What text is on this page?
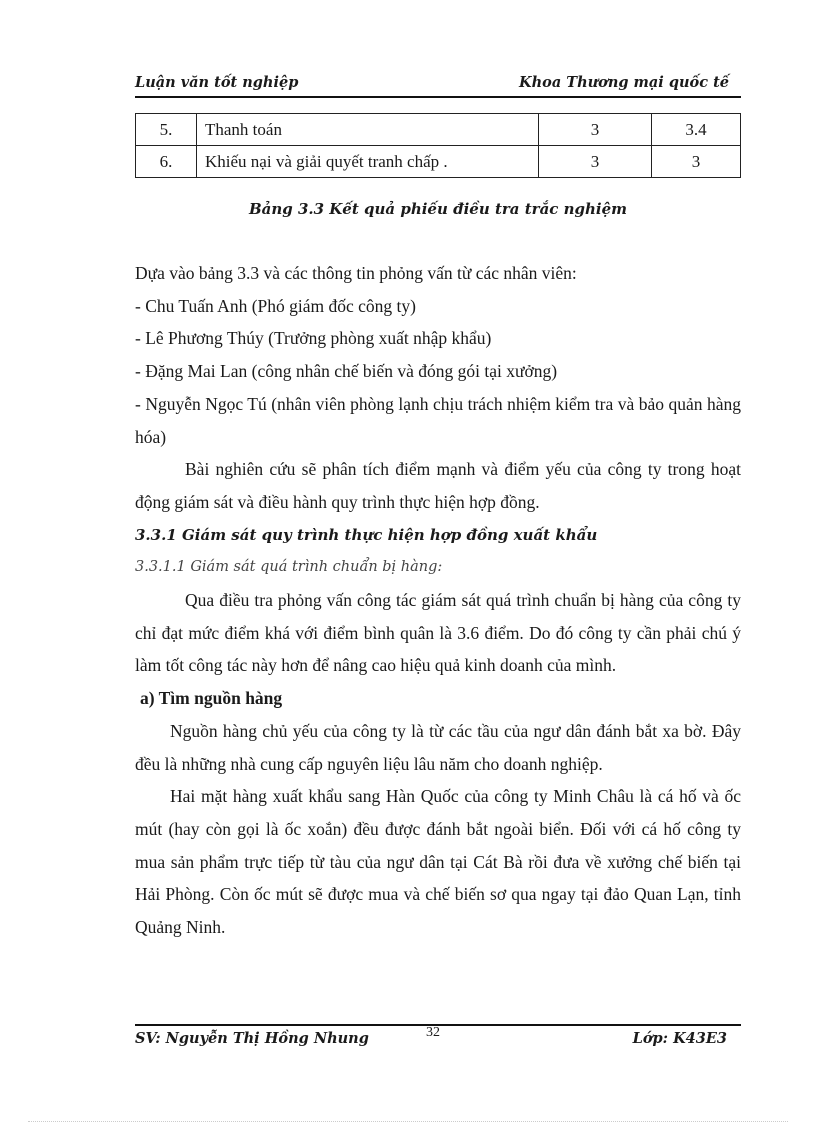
Luận văn tốt nghiệp	Khoa Thương mại quốc tế
5.	Thanh toán	3	3.4
6.	Khiếu nại và giải quyết tranh chấp .	3	3
Bảng 3.3 Kết quả phiếu điều tra trắc nghiệm

Dựa vào bảng 3.3 và các thông tin phỏng vấn từ các nhân viên:

- Chu Tuấn Anh (Phó giám đốc công ty)

- Lê Phương Thúy (Trưởng phòng xuất nhập khẩu)

- Đặng Mai Lan (công nhân chế biến và đóng gói tại xưởng)

- Nguyễn Ngọc Tú (nhân viên phòng lạnh chịu trách nhiệm kiểm tra và bảo quản hàng hóa)

Bài nghiên cứu sẽ phân tích điểm mạnh và điểm yếu của công ty trong hoạt động giám sát và điều hành quy trình thực hiện hợp đồng.

3.3.1 Giám sát quy trình thực hiện hợp đồng xuất khẩu

3.3.1.1 Giám sát quá trình chuẩn bị hàng:

Qua điều tra phỏng vấn công tác giám sát quá trình chuẩn bị hàng của công ty chỉ đạt mức điểm khá với điểm bình quân là 3.6 điểm. Do đó công ty cần phải chú ý làm tốt công tác này hơn để nâng cao hiệu quả kinh doanh của mình.

a) Tìm nguồn hàng

Nguồn hàng chủ yếu của công ty là từ các tầu của ngư dân đánh bắt xa bờ. Đây đều là những nhà cung cấp nguyên liệu lâu năm cho doanh nghiệp.

Hai mặt hàng xuất khẩu sang Hàn Quốc của công ty Minh Châu là cá hố và ốc mút (hay còn gọi là ốc xoắn) đều được đánh bắt ngoài biển. Đối với cá hố công ty mua sản phẩm trực tiếp từ tàu của ngư dân tại Cát Bà rồi đưa về xưởng chế biến tại Hải Phòng. Còn ốc mút sẽ được mua và chế biến sơ qua ngay tại đảo Quan Lạn, tỉnh Quảng Ninh.

SV: Nguyễn Thị Hồng Nhung	32	Lớp: K43E3
